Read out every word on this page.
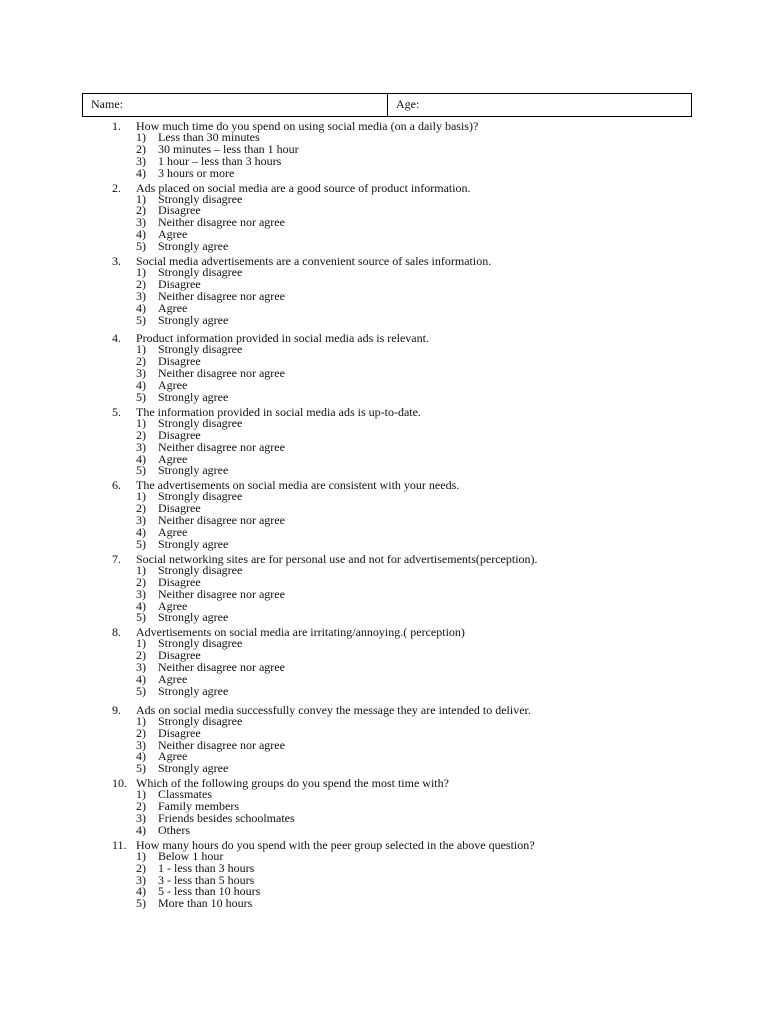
Name:	Age:
1.	How much time do you spend on using social media (on a daily basis)?
1) Less than 30 minutes
2) 30 minutes – less than 1 hour
3) 1 hour – less than 3 hours
4) 3 hours or more
2.	Ads placed on social media are a good source of product information.
1) Strongly disagree
2) Disagree
3) Neither disagree nor agree
4) Agree
5) Strongly agree
3.	Social media advertisements are a convenient source of sales information.
1) Strongly disagree
2) Disagree
3) Neither disagree nor agree
4) Agree
5) Strongly agree
4.	Product information provided in social media ads is relevant.
1) Strongly disagree
2) Disagree
3) Neither disagree nor agree
4) Agree
5) Strongly agree
5.	The information provided in social media ads is up-to-date.
1) Strongly disagree
2) Disagree
3) Neither disagree nor agree
4) Agree
5) Strongly agree
6.	The advertisements on social media are consistent with your needs.
1) Strongly disagree
2) Disagree
3) Neither disagree nor agree
4) Agree
5) Strongly agree
7.	Social networking sites are for personal use and not for advertisements(perception).
1) Strongly disagree
2) Disagree
3) Neither disagree nor agree
4) Agree
5) Strongly agree
8.	Advertisements on social media are irritating/annoying.( perception)
1) Strongly disagree
2) Disagree
3) Neither disagree nor agree
4) Agree
5) Strongly agree
9.	Ads on social media successfully convey the message they are intended to deliver.
1) Strongly disagree
2) Disagree
3) Neither disagree nor agree
4) Agree
5) Strongly agree
10. Which of the following groups do you spend the most time with?
1) Classmates
2) Family members
3) Friends besides schoolmates
4) Others
11. How many hours do you spend with the peer group selected in the above question?
1) Below 1 hour
2) 1 - less than 3 hours
3) 3 - less than 5 hours
4) 5 - less than 10 hours
5) More than 10 hours
